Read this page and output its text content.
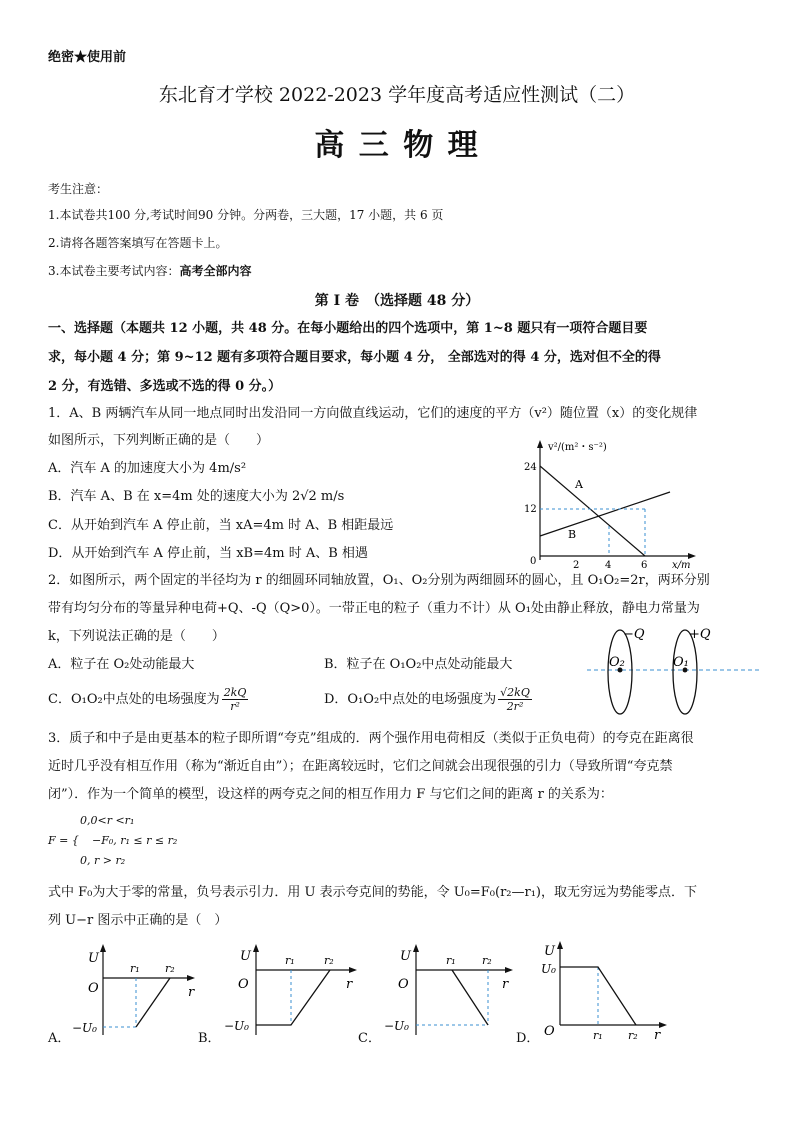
绝密★使用前
东北育才学校 2022-2023 学年度高考适应性测试（二）
高 三 物 理
考生注意：
1.本试卷共100 分,考试时间90 分钟。分两卷，三大题，17 小题，共 6 页
2.请将各题答案填写在答题卡上。
3.本试卷主要考试内容：高考全部内容
第 I 卷　（选择题 48 分）
一、选择题（本题共 12 小题，共 48 分。在每小题给出的四个选项中，第 1~8 题只有一项符合题目要
求，每小题 4 分；第 9~12 题有多项符合题目要求，每小题 4 分， 全部选对的得 4 分，选对但不全的得
2 分，有选错、多选或不选的得 0 分。）
1．A、B 两辆汽车从同一地点同时出发沿同一方向做直线运动，它们的速度的平方（v²）随位置（x）的变化规律
如图所示，下列判断正确的是（　　）
A．汽车 A 的加速度大小为 4m/s²
B．汽车 A、B 在 x=4m 处的速度大小为 2√2 m/s
C．从开始到汽车 A 停止前，当 xA=4m 时 A、B 相距最远
D．从开始到汽车 A 停止前，当 xB=4m 时 A、B 相遇
v²/(m²・s⁻²)
x/m
24
12
0	2	4	6
A
B
2．如图所示，两个固定的半径均为 r 的细圆环同轴放置，O₁、O₂分别为两细圆环的圆心，且 O₁O₂=2r，两环分别
带有均匀分布的等量异种电荷+Q、-Q（Q>0）。一带正电的粒子（重力不计）从 O₁处由静止释放，静电力常量为
k，下列说法正确的是（　　）
A．粒子在 O₂处动能最大	B．粒子在 O₁O₂中点处动能最大
C．O₁O₂中点处的电场强度为 2kQ
r²	D．O₁O₂中点处的电场强度为 √2kQ
2r²
−Q	+Q
O₂	O₁
3．质子和中子是由更基本的粒子即所谓“夸克”组成的．两个强作用电荷相反（类似于正负电荷）的夸克在距离很
近时几乎没有相互作用（称为“渐近自由”）；在距离较远时，它们之间就会出现很强的引力（导致所谓“夸克禁
闭”）．作为一个简单的模型，设这样的两夸克之间的相互作用力 F 与它们之间的距离 r 的关系为：
0,0<r <r₁
F = { −F₀, r₁ ≤ r ≤ r₂
0, r > r₂
式中 F₀为大于零的常量，负号表示引力．用 U 表示夸克间的势能，令 U₀=F₀(r₂—r₁)，取无穷远为势能零点．下
列 U−r 图示中正确的是（　）
A．
U
O	r
r₁ r₂
−U₀
B．
U
O	r
r₁	r₂
−U₀
C．
U
O	r
r₁ r₂
−U₀
D．
U
O	r
r₁ r₂
U₀
